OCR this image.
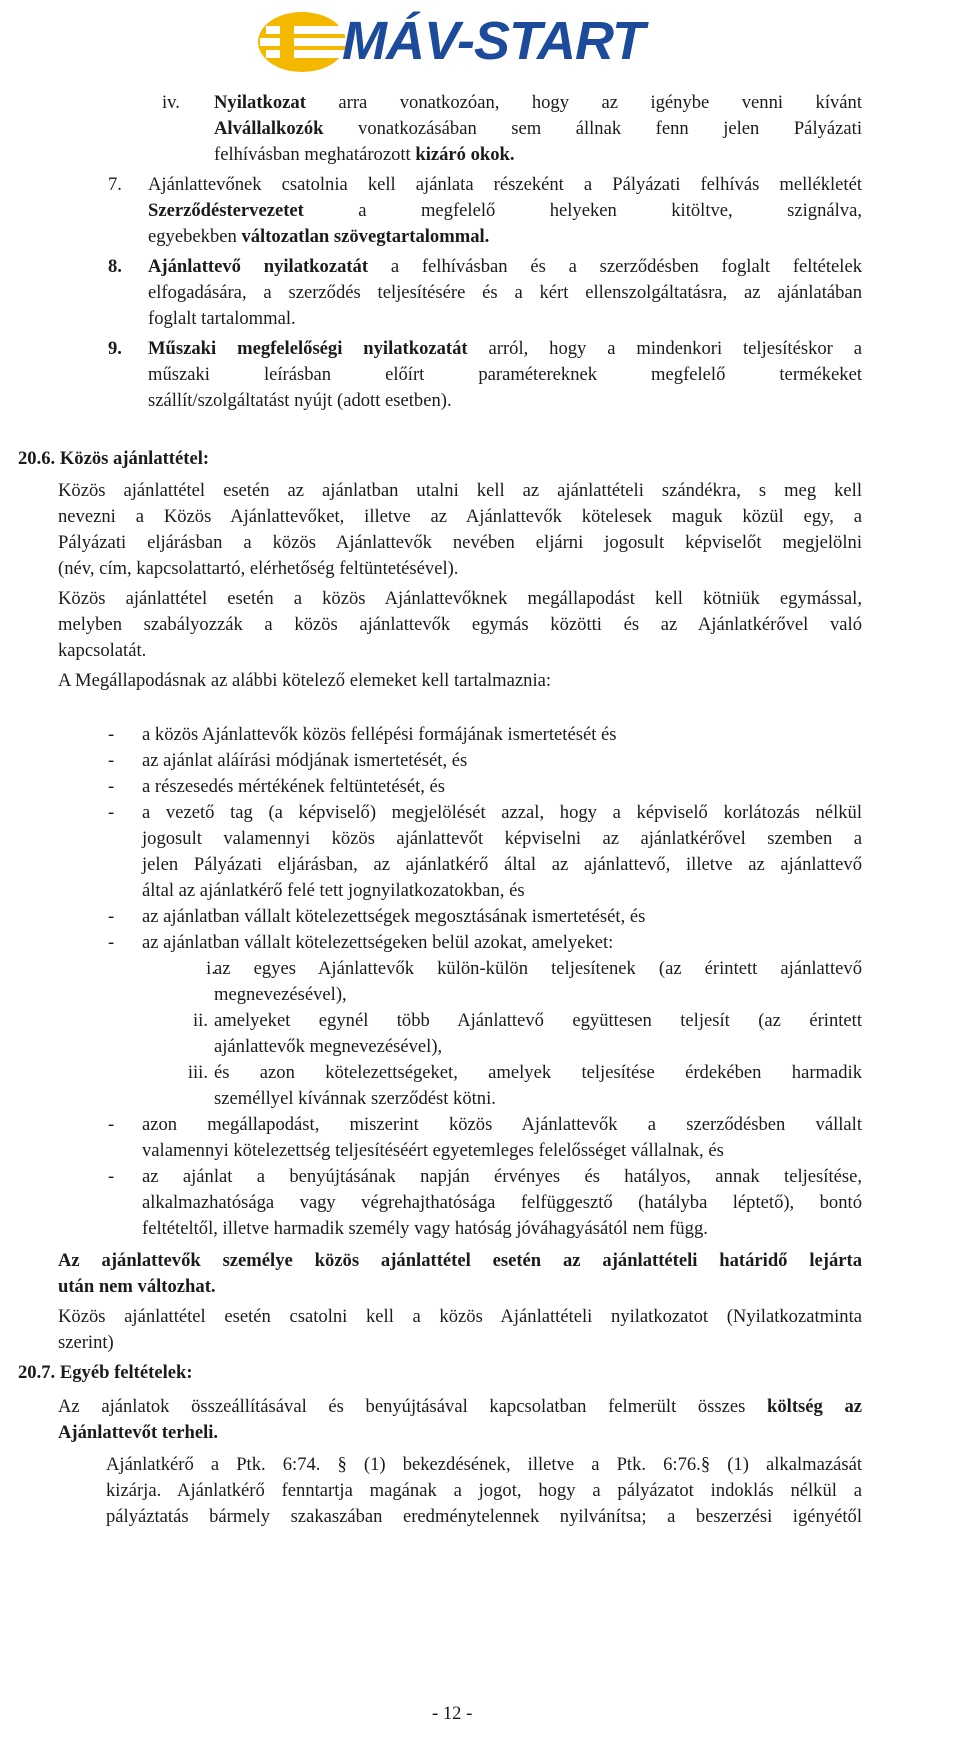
MÁV-START
iv. Nyilatkozat arra vonatkozóan, hogy az igénybe venni kívánt
Alvállalkozók vonatkozásában sem állnak fenn jelen Pályázati
felhívásban meghatározott kizáró okok.
7. Ajánlattevőnek csatolnia kell ajánlata részeként a Pályázati felhívás mellékletét
Szerződéstervezetet a megfelelő helyeken kitöltve, szignálva,
egyebekben változatlan szövegtartalommal.
8. Ajánlattevő nyilatkozatát a felhívásban és a szerződésben foglalt feltételek
elfogadására, a szerződés teljesítésére és a kért ellenszolgáltatásra, az ajánlatában
foglalt tartalommal.
9. Műszaki megfelelőségi nyilatkozatát arról, hogy a mindenkori teljesítéskor a
műszaki leírásban előírt paramétereknek megfelelő termékeket
szállít/szolgáltatást nyújt (adott esetben).
20.6. Közös ajánlattétel:
Közös ajánlattétel esetén az ajánlatban utalni kell az ajánlattételi szándékra, s meg kell
nevezni a Közös Ajánlattevőket, illetve az Ajánlattevők kötelesek maguk közül egy, a
Pályázati eljárásban a közös Ajánlattevők nevében eljárni jogosult képviselőt megjelölni
(név, cím, kapcsolattartó, elérhetőség feltüntetésével).
Közös ajánlattétel esetén a közös Ajánlattevőknek megállapodást kell kötniük egymással,
melyben szabályozzák a közös ajánlattevők egymás közötti és az Ajánlatkérővel való
kapcsolatát.
A Megállapodásnak az alábbi kötelező elemeket kell tartalmaznia:
- a közös Ajánlattevők közös fellépési formájának ismertetését és
- az ajánlat aláírási módjának ismertetését, és
- a részesedés mértékének feltüntetését, és
- a vezető tag (a képviselő) megjelölését azzal, hogy a képviselő korlátozás nélkül
jogosult valamennyi közös ajánlattevőt képviselni az ajánlatkérővel szemben a
jelen Pályázati eljárásban, az ajánlatkérő által az ajánlattevő, illetve az ajánlattevő
által az ajánlatkérő felé tett jognyilatkozatokban, és
- az ajánlatban vállalt kötelezettségek megosztásának ismertetését, és
- az ajánlatban vállalt kötelezettségeken belül azokat, amelyeket:
i.
az egyes Ajánlattevők külön-külön teljesítenek (az érintett ajánlattevő
megnevezésével),
ii. amelyeket egynél több Ajánlattevő együttesen teljesít (az érintett
ajánlattevők megnevezésével),
iii. és azon kötelezettségeket, amelyek teljesítése érdekében harmadik
személlyel kívánnak szerződést kötni.
- azon megállapodást, miszerint közös Ajánlattevők a szerződésben vállalt
valamennyi kötelezettség teljesítéséért egyetemleges felelősséget vállalnak, és
- az ajánlat a benyújtásának napján érvényes és hatályos, annak teljesítése,
alkalmazhatósága vagy végrehajthatósága felfüggesztő (hatályba léptető), bontó
feltételtől, illetve harmadik személy vagy hatóság jóváhagyásától nem függ.
Az ajánlattevők személye közös ajánlattétel esetén az ajánlattételi határidő lejárta
után nem változhat.
Közös ajánlattétel esetén csatolni kell a közös Ajánlattételi nyilatkozatot (Nyilatkozatminta
szerint)
20.7. Egyéb feltételek:
Az ajánlatok összeállításával és benyújtásával kapcsolatban felmerült összes költség az
Ajánlattevőt terheli.
Ajánlatkérő a Ptk. 6:74. § (1) bekezdésének, illetve a Ptk. 6:76.§ (1) alkalmazását
kizárja. Ajánlatkérő fenntartja magának a jogot, hogy a pályázatot indoklás nélkül a
pályáztatás bármely szakaszában eredménytelennek nyilvánítsa; a beszerzési igényétől
- 12 -
